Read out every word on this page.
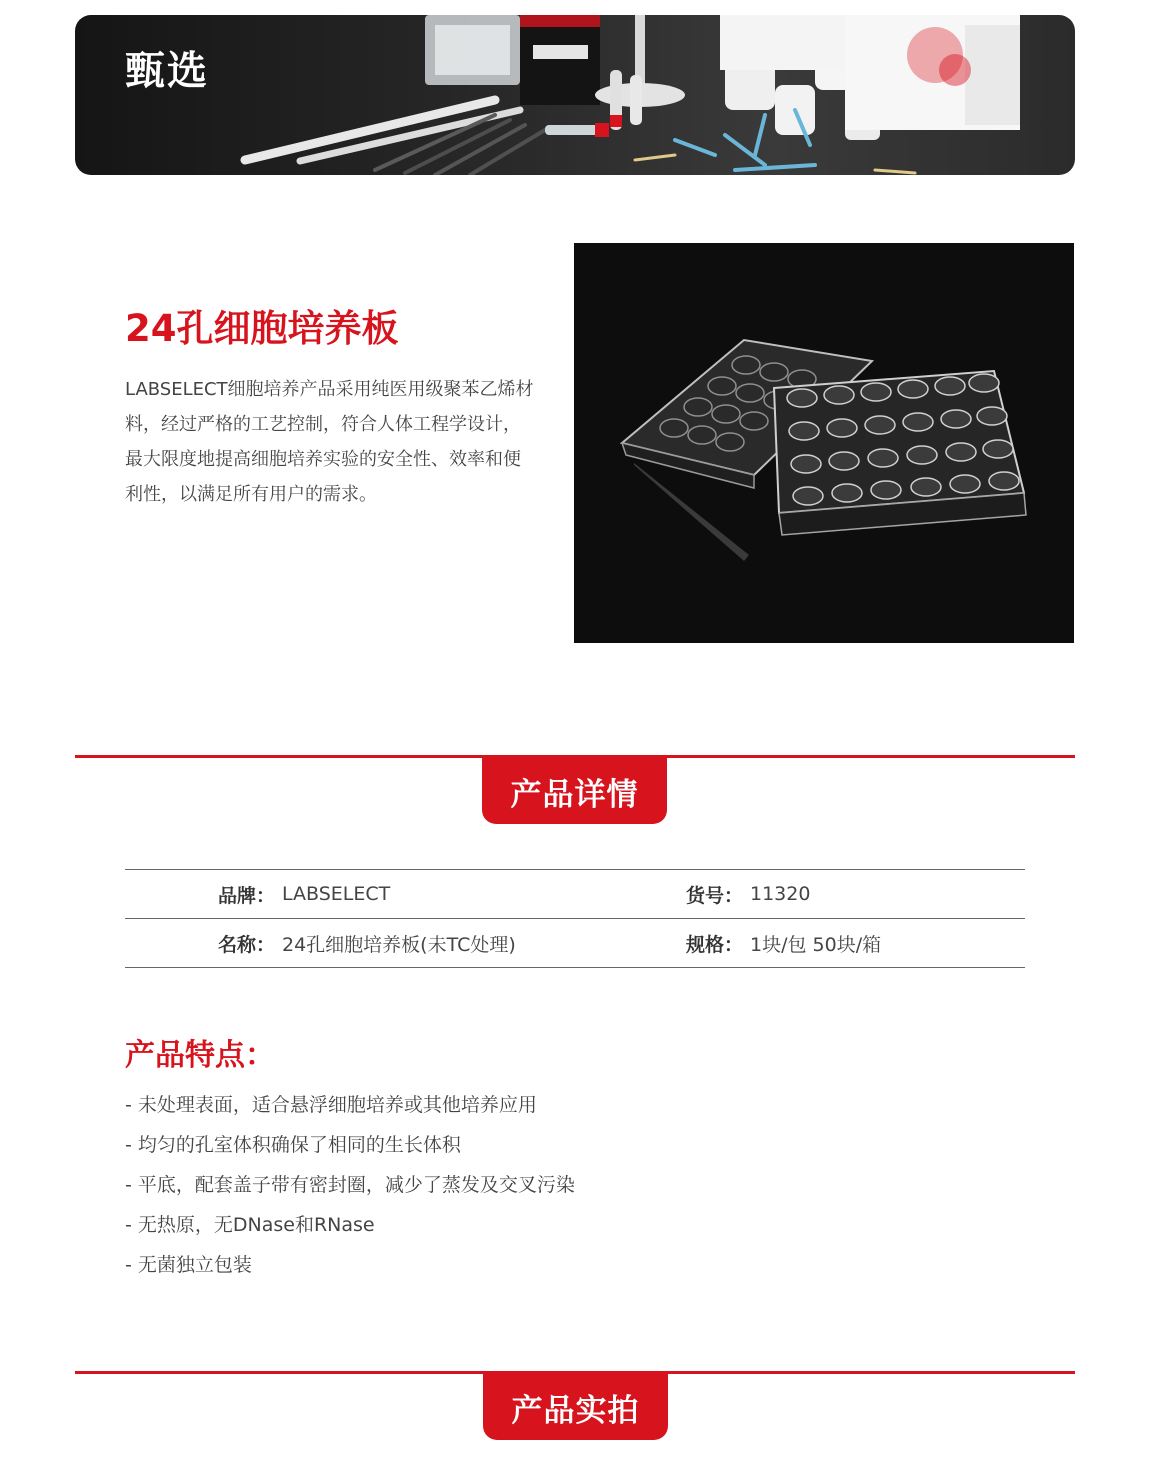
甄选
24孔细胞培养板

LABSELECT细胞培养产品采用纯医用级聚苯乙烯材料，经过严格的工艺控制，符合人体工程学设计，最大限度地提高细胞培养实验的安全性、效率和便利性，以满足所有用户的需求。

产品详情
品牌： LABSELECT	货号： 11320
名称： 24孔细胞培养板(未TC处理)	规格： 1块/包 50块/箱
产品特点：
- 未处理表面，适合悬浮细胞培养或其他培养应用
- 均匀的孔室体积确保了相同的生长体积
- 平底，配套盖子带有密封圈，减少了蒸发及交叉污染
- 无热原，无DNase和RNase
- 无菌独立包装
产品实拍
